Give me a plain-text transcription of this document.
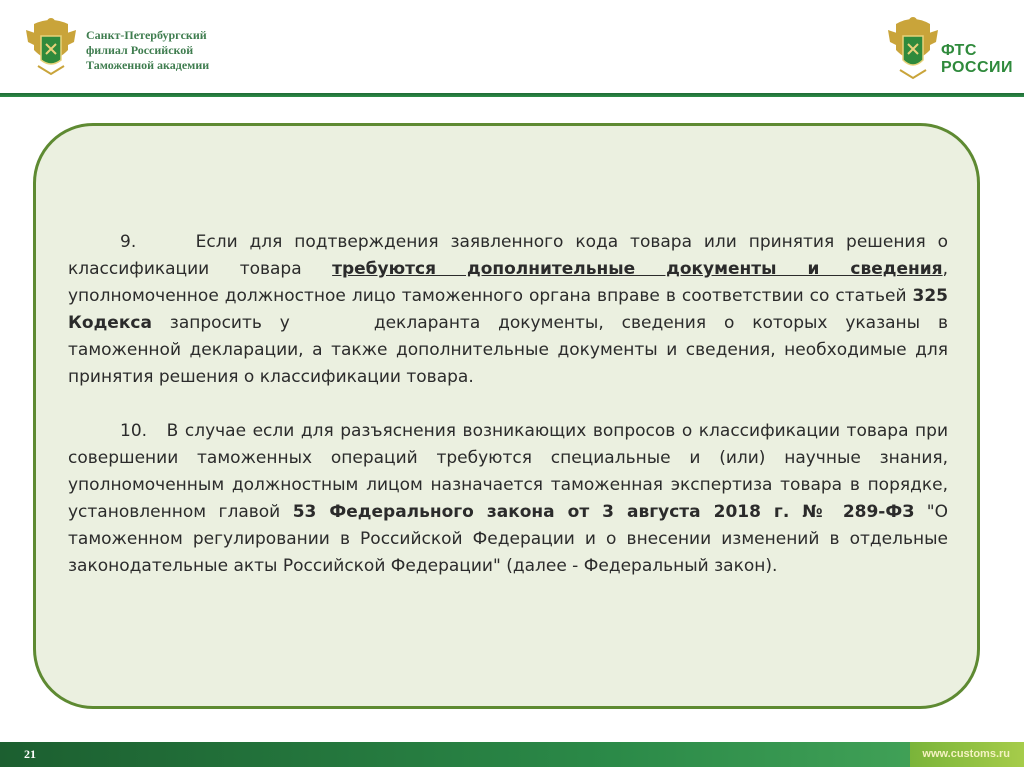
Санкт-Петербургский
филиал Российской
Таможенной академии
ФТС
РОССИИ

9.	Если для подтверждения заявленного кода товара или принятия решения о классификации товара требуются дополнительные документы и сведения, уполномоченное должностное лицо таможенного органа вправе в соответствии со статьей 325 Кодекса запросить у	декларанта документы, сведения о которых указаны в таможенной декларации, а также дополнительные документы и сведения, необходимые для принятия решения о классификации товара.

10. В случае если для разъяснения возникающих вопросов о классификации товара при совершении таможенных операций требуются специальные и (или) научные знания, уполномоченным должностным лицом назначается таможенная экспертиза товара в порядке, установленном главой 53 Федерального закона от 3 августа 2018 г. № 289-ФЗ "О таможенном регулировании в Российской Федерации и о внесении изменений в отдельные законодательные акты Российской Федерации" (далее - Федеральный закон).

21	www.customs.ru
